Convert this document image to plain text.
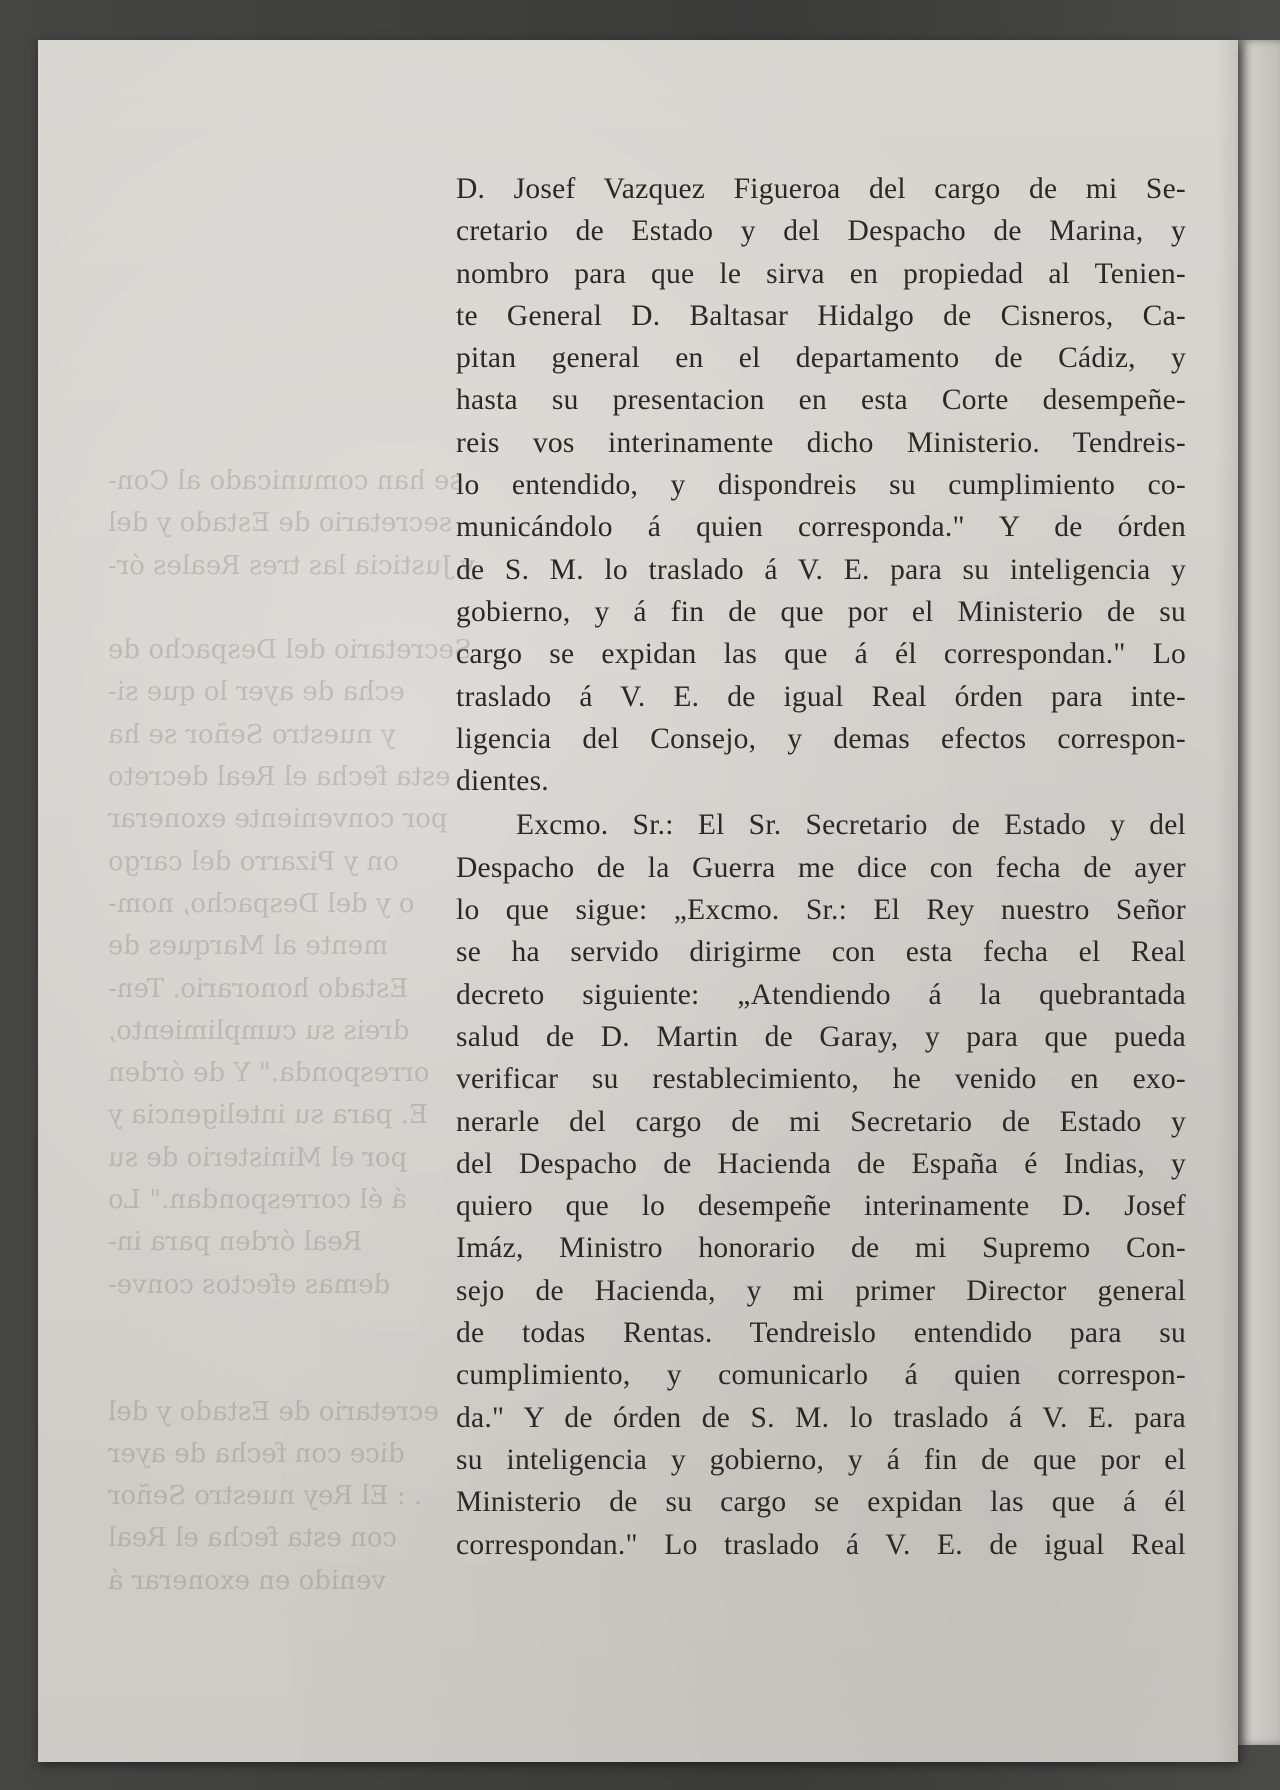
se han comunicado al Con-
secretario de Estado y del
y Justicia las tres Reales ór-

Secretario del Despacho de
echa de ayer lo que si-
y nuestro Señor se ha
esta fecha el Real decreto
por conveniente exonerar
on y Pizarro del cargo
o y del Despacho, nom-
mente al Marques de
Estado honorario. Ten-
dreis su cumplimiento,
orresponda." Y de órden
E. para su inteligencia y
por el Ministerio de su
á él correspondan." Lo
Real órden para in-
demas efectos conve-

ecretario de Estado y del
dice con fecha de ayer
. : El Rey nuestro Señor
con esta fecha el Real
venido en exonerar á
D. Josef Vazquez Figueroa del cargo de mi Se-
cretario de Estado y del Despacho de Marina, y
nombro para que le sirva en propiedad al Tenien-
te General D. Baltasar Hidalgo de Cisneros, Ca-
pitan general en el departamento de Cádiz, y
hasta su presentacion en esta Corte desempeñe-
reis vos interinamente dicho Ministerio. Tendreis-
lo entendido, y dispondreis su cumplimiento co-
municándolo á quien corresponda." Y de órden
de S. M. lo traslado á V. E. para su inteligencia y
gobierno, y á fin de que por el Ministerio de su
cargo se expidan las que á él correspondan." Lo
traslado á V. E. de igual Real órden para inte-
ligencia del Consejo, y demas efectos correspon-
dientes.
Excmo. Sr.: El Sr. Secretario de Estado y del
Despacho de la Guerra me dice con fecha de ayer
lo que sigue: „Excmo. Sr.: El Rey nuestro Señor
se ha servido dirigirme con esta fecha el Real
decreto siguiente: „Atendiendo á la quebrantada
salud de D. Martin de Garay, y para que pueda
verificar su restablecimiento, he venido en exo-
nerarle del cargo de mi Secretario de Estado y
del Despacho de Hacienda de España é Indias, y
quiero que lo desempeñe interinamente D. Josef
Imáz, Ministro honorario de mi Supremo Con-
sejo de Hacienda, y mi primer Director general
de todas Rentas. Tendreislo entendido para su
cumplimiento, y comunicarlo á quien correspon-
da." Y de órden de S. M. lo traslado á V. E. para
su inteligencia y gobierno, y á fin de que por el
Ministerio de su cargo se expidan las que á él
correspondan." Lo traslado á V. E. de igual Real
